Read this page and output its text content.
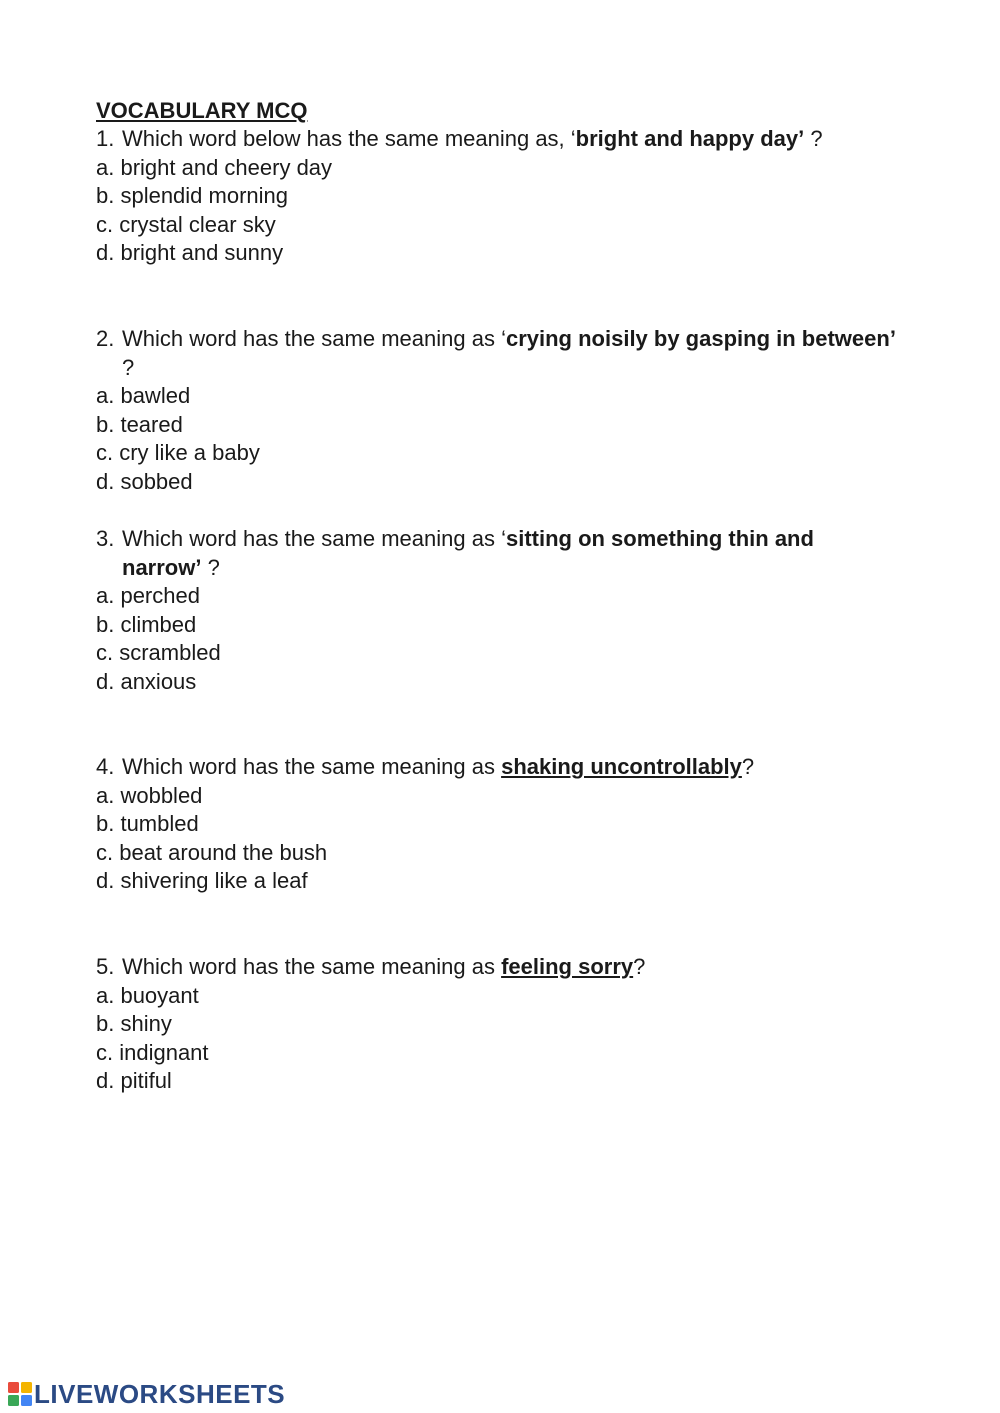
VOCABULARY MCQ
1. Which word below has the same meaning as, ‘bright and happy day’ ?
a. bright and cheery day
b. splendid morning
c. crystal clear sky
d. bright and sunny
2. Which word has the same meaning as ‘crying noisily by gasping in between’ ?
a. bawled
b. teared
c. cry like a baby
d. sobbed
3. Which word has the same meaning as ‘sitting on something thin and narrow’ ?
a. perched
b. climbed
c. scrambled
d. anxious
4. Which word has the same meaning as shaking uncontrollably?
a. wobbled
b. tumbled
c. beat around the bush
d. shivering like a leaf
5. Which word has the same meaning as feeling sorry?
a. buoyant
b. shiny
c. indignant
d. pitiful
LIVEWORKSHEETS
